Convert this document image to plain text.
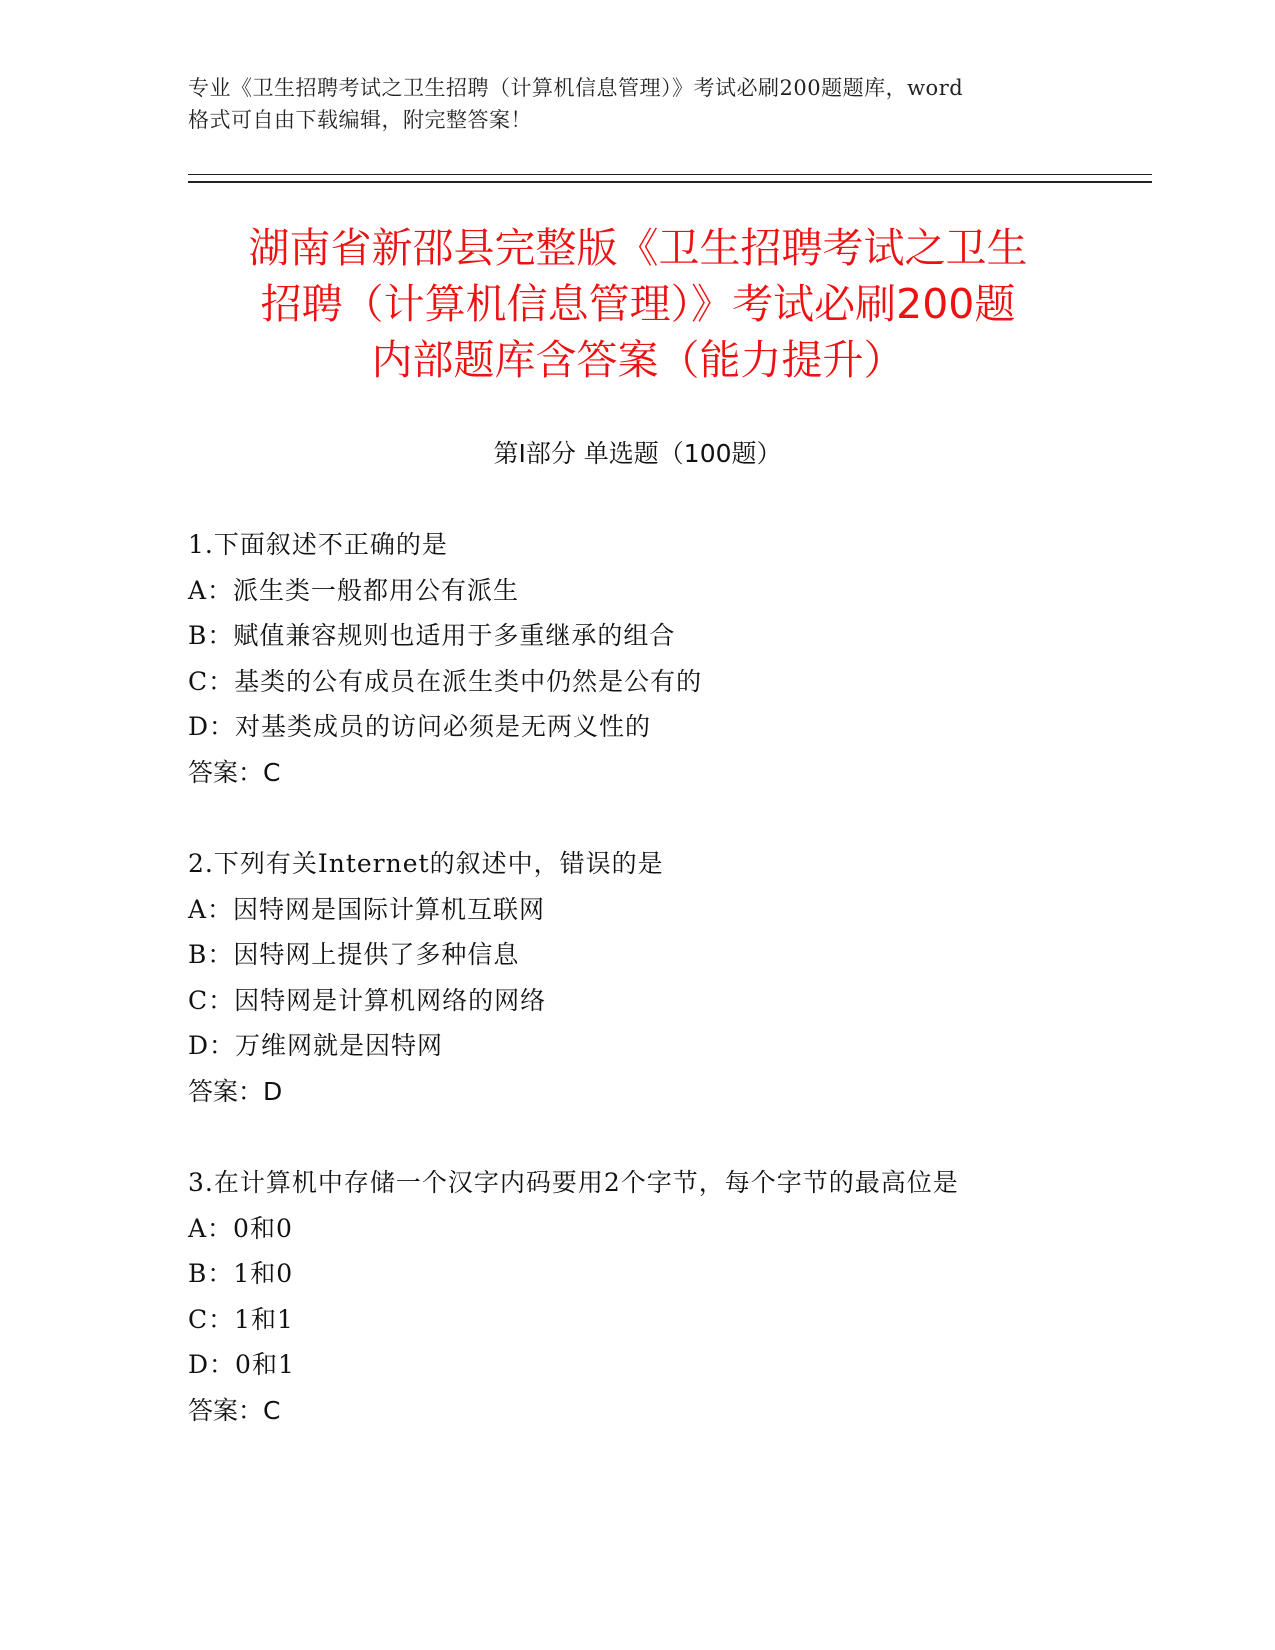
专业《卫生招聘考试之卫生招聘（计算机信息管理）》考试必刷200题题库，word
格式可自由下载编辑，附完整答案！
湖南省新邵县完整版《卫生招聘考试之卫生
招聘（计算机信息管理）》考试必刷200题
内部题库含答案（能力提升）
第Ⅰ部分 单选题（100题）
1.下面叙述不正确的是
A：派生类一般都用公有派生
B：赋值兼容规则也适用于多重继承的组合
C：基类的公有成员在派生类中仍然是公有的
D：对基类成员的访问必须是无两义性的
答案：C
2.下列有关Internet的叙述中，错误的是
A：因特网是国际计算机互联网
B：因特网上提供了多种信息
C：因特网是计算机网络的网络
D：万维网就是因特网
答案：D
3.在计算机中存储一个汉字内码要用2个字节，每个字节的最高位是
A：0和0
B：1和0
C：1和1
D：0和1
答案：C
